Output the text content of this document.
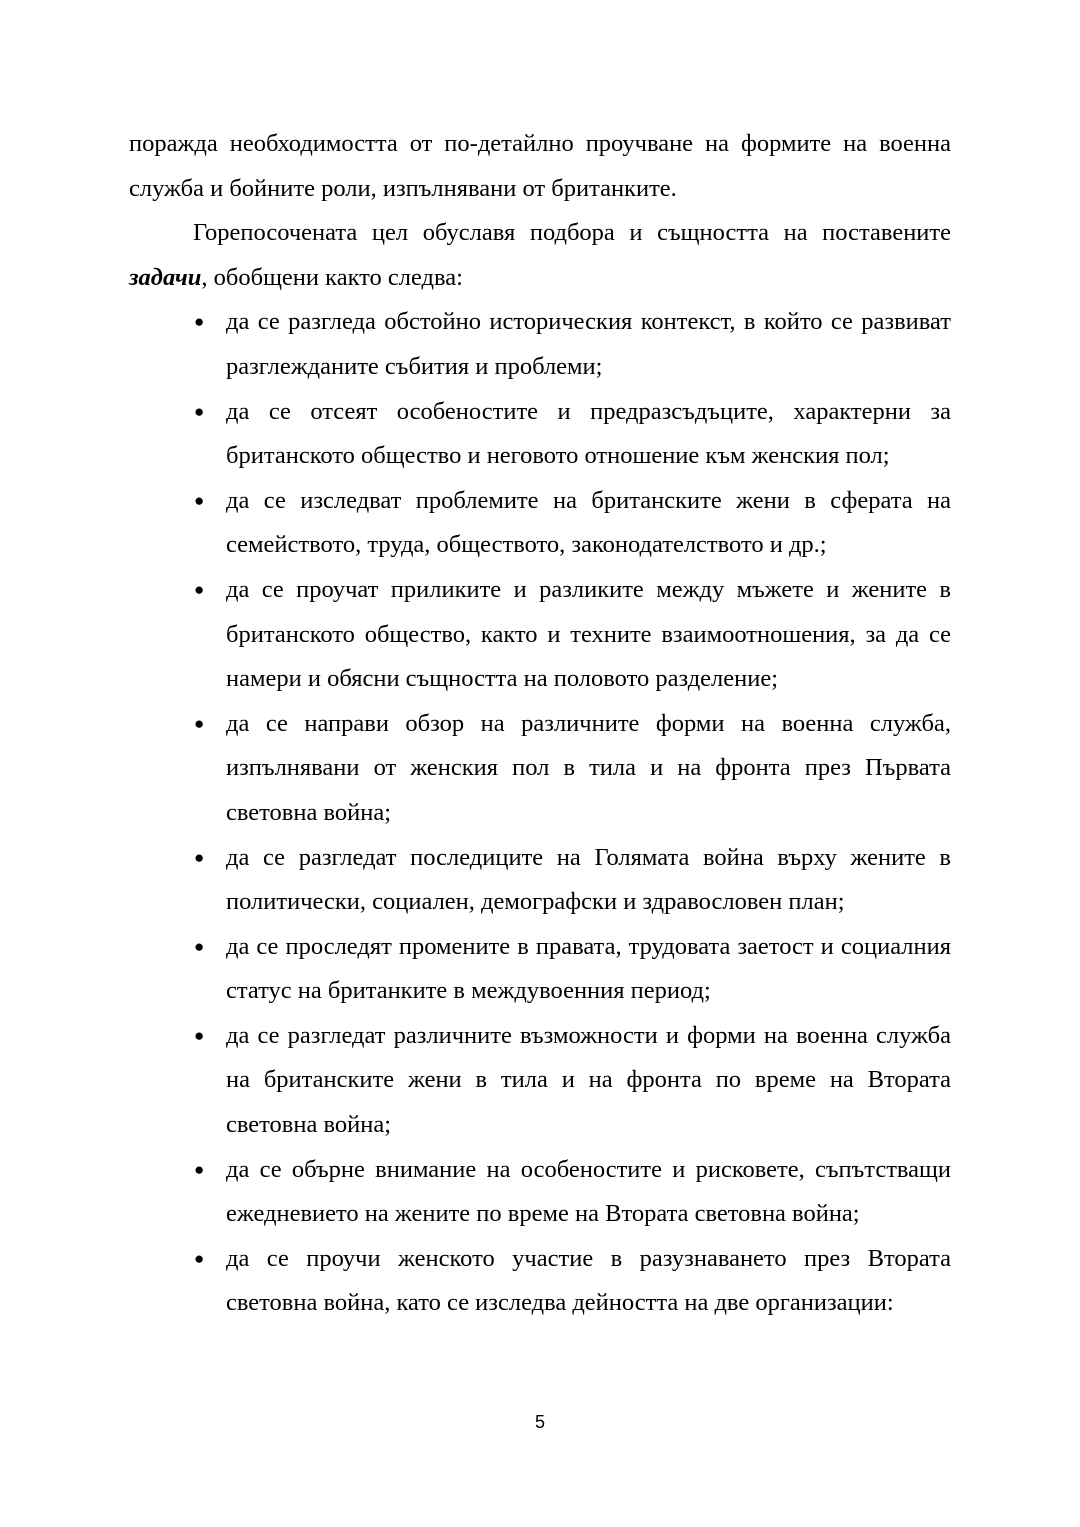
поражда необходимостта от по-детайлно проучване на формите на военна служба и бойните роли, изпълнявани от британките.

Горепосочената цел обуславя подбора и същността на поставените задачи, обобщени както следва:

● да се разгледа обстойно историческия контекст, в който се развиват разглежданите събития и проблеми;
● да се отсеят особеностите и предразсъдъците, характерни за британското общество и неговото отношение към женския пол;
● да се изследват проблемите на британските жени в сферата на семейството, труда, обществото, законодателството и др.;
● да се проучат приликите и разликите между мъжете и жените в британското общество, както и техните взаимоотношения, за да се намери и обясни същността на половото разделение;
● да се направи обзор на различните форми на военна служба, изпълнявани от женския пол в тила и на фронта през Първата световна война;
● да се разгледат последиците на Голямата война върху жените в политически, социален, демографски и здравословен план;
● да се проследят промените в правата, трудовата заетост и социалния статус на британките в междувоенния период;
● да се разгледат различните възможности и форми на военна служба на британските жени в тила и на фронта по време на Втората световна война;
● да се обърне внимание на особеностите и рисковете, съпътстващи ежедневието на жените по време на Втората световна война;
● да се проучи женското участие в разузнаването през Втората световна война, като се изследва дейността на две организации:
5
